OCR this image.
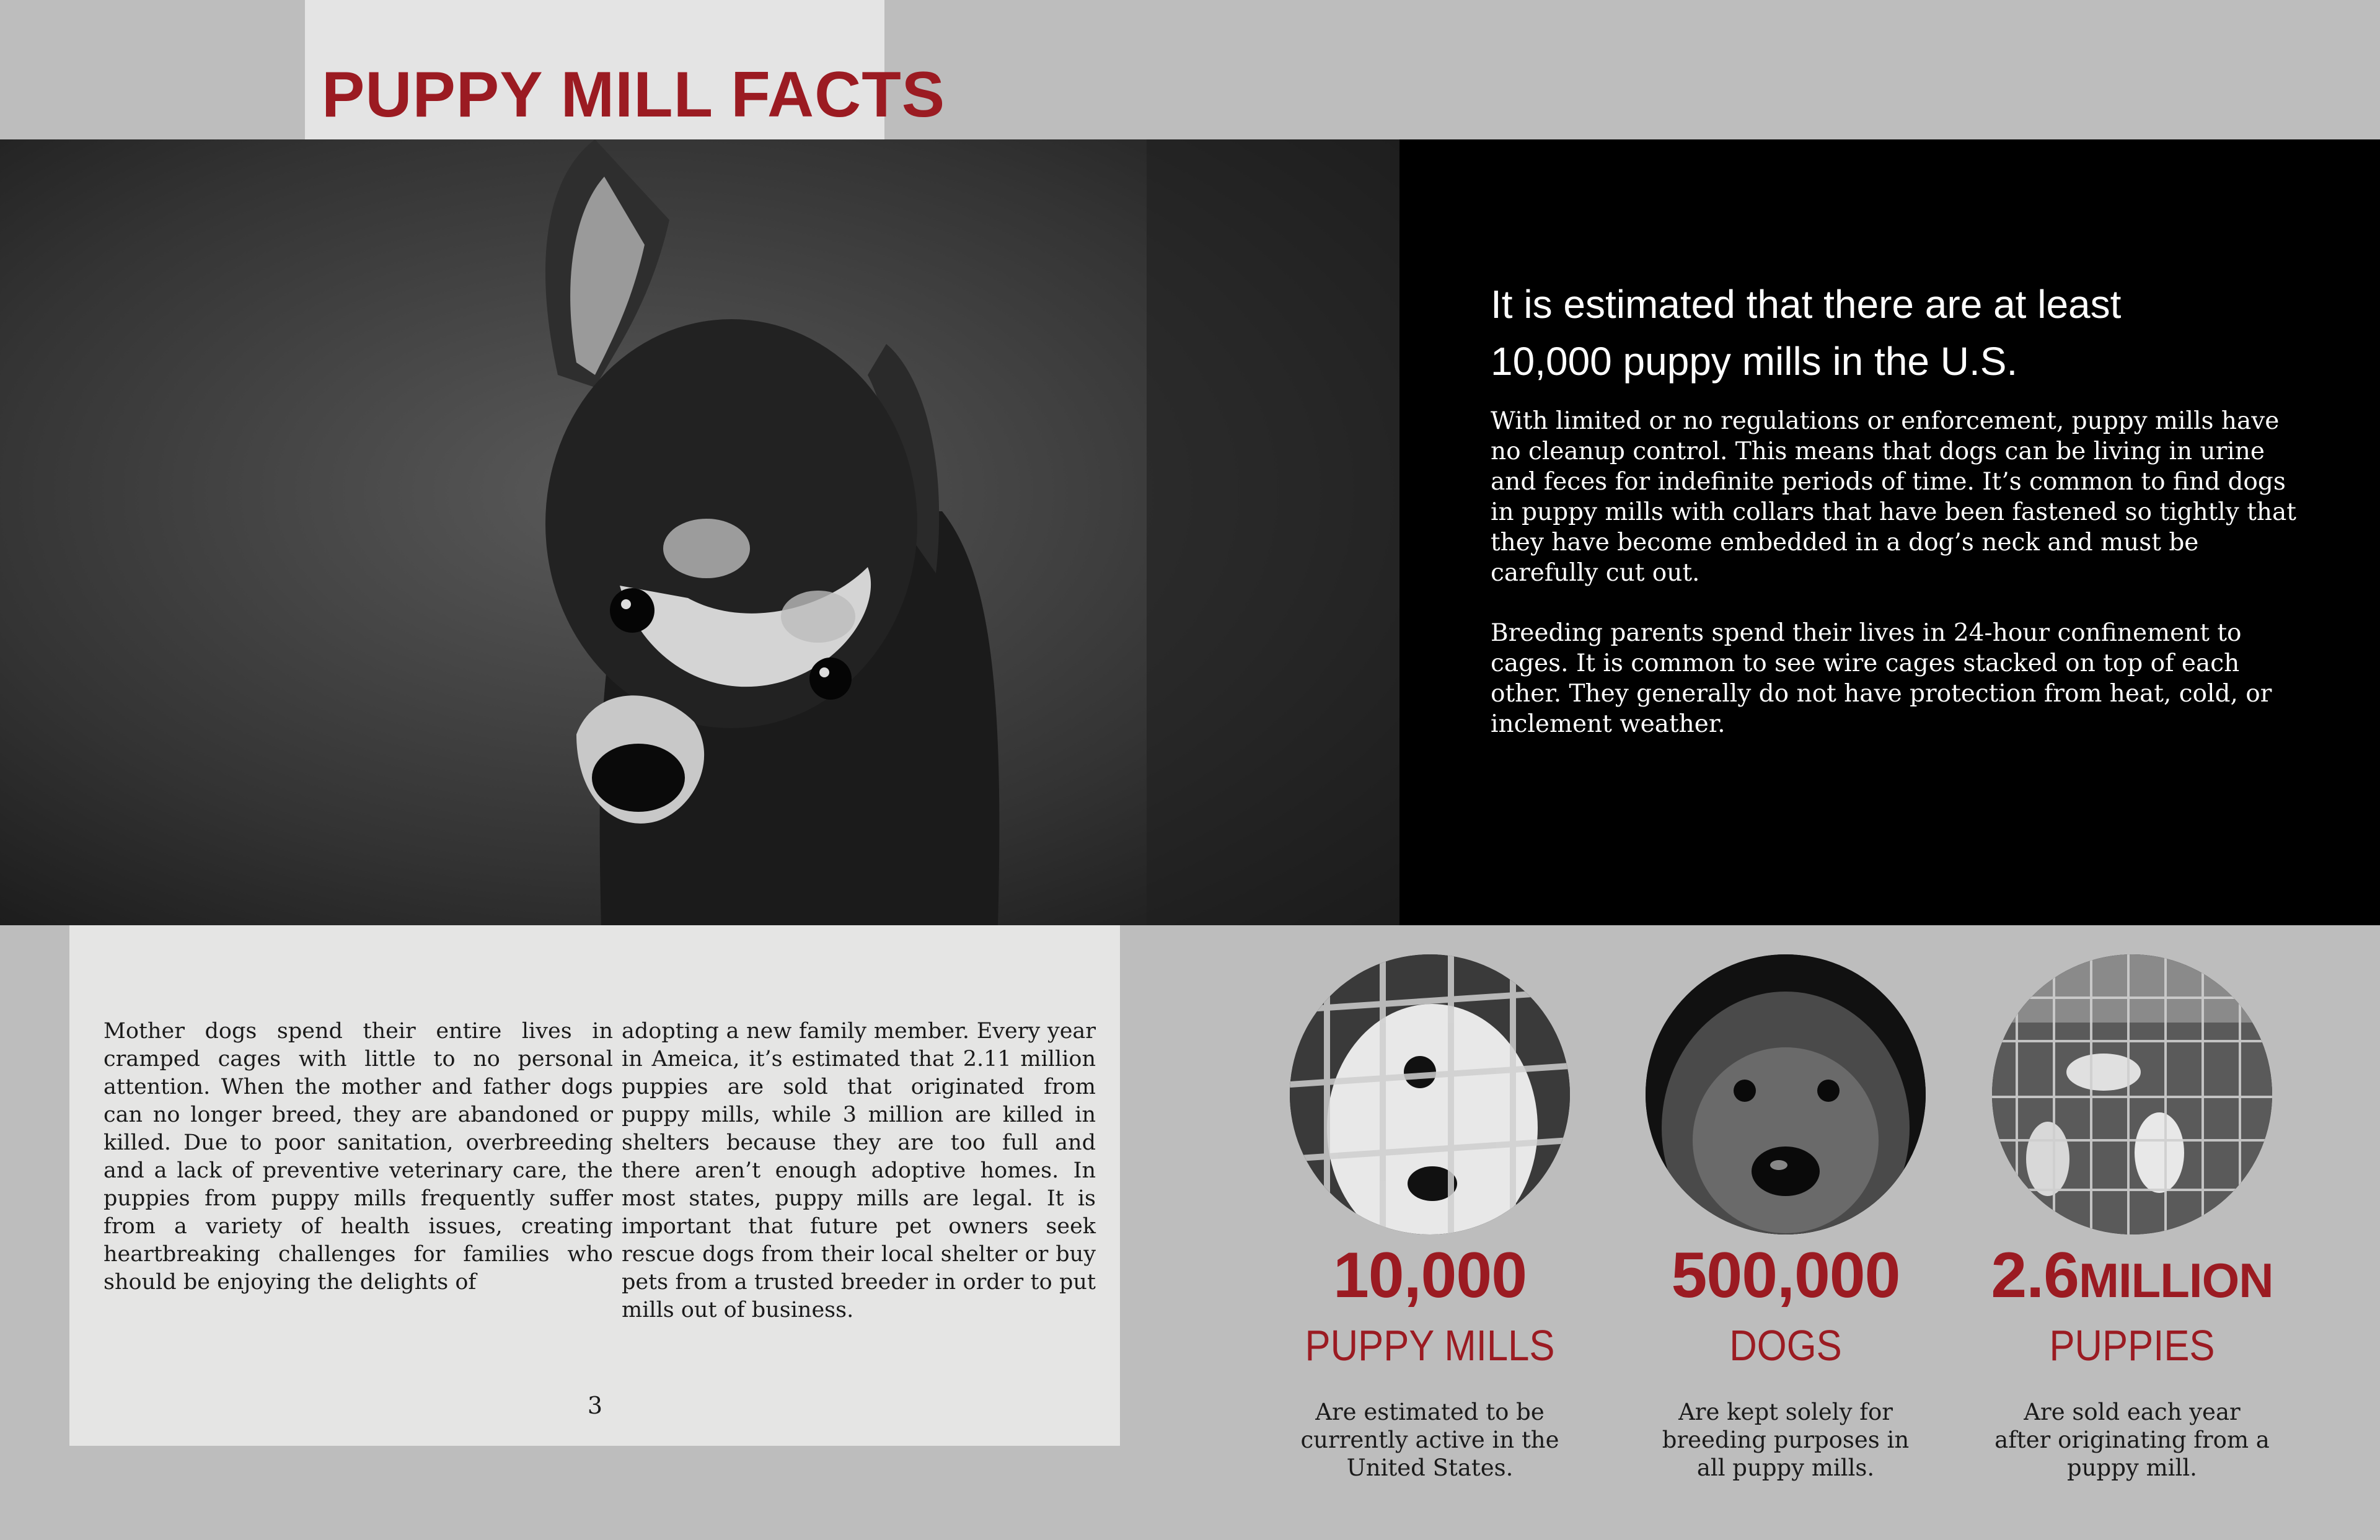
PUPPY MILL FACTS
It is estimated that there are at least
10,000 puppy mills in the U.S.

With limited or no regulations or enforcement, puppy mills have no cleanup control. This means that dogs can be living in urine and feces for indefinite periods of time. It’s common to find dogs in puppy mills with collars that have been fastened so tightly that they have become embedded in a dog’s neck and must be carefully cut out.

Breeding parents spend their lives in 24-hour confinement to cages. It is common to see wire cages stacked on top of each other. They generally do not have protection from heat, cold, or inclement weather.

Mother dogs spend their entire lives in cramped cages with little to no personal attention. When the mother and father dogs can no longer breed, they are abandoned or killed. Due to poor sanitation, overbreeding and a lack of preventive veterinary care, the puppies from puppy mills frequently suffer from a variety of health issues, creating heartbreaking challenges for families who should be enjoying the delights of

adopting a new family member. Every year in Ameica, it’s estimated that 2.11 million puppies are sold that originated from puppy mills, while 3 million are killed in shelters because they are too full and there aren’t enough adoptive homes. In most states, puppy mills are legal. It is important that future pet owners seek rescue dogs from their local shelter or buy pets from a trusted breeder in order to put mills out of business.

3
10,000
PUPPY MILLS
Are estimated to be currently active in the United States.
500,000
DOGS
Are kept solely for breeding purposes in all puppy mills.
2.6MILLION
PUPPIES
Are sold each year after originating from a puppy mill.
